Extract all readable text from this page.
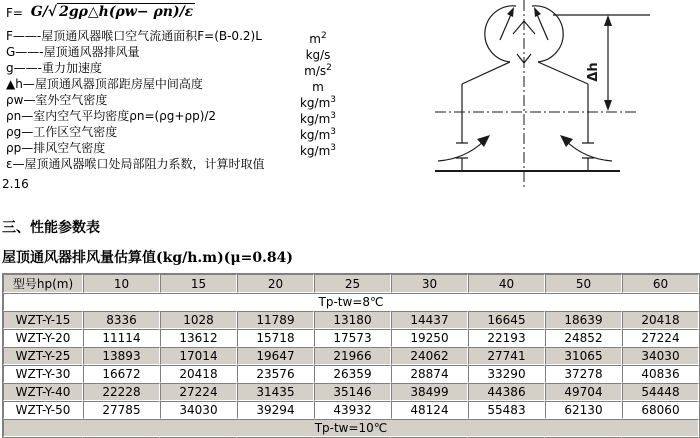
F= G/√ 2gρ△h(ρw− ρn)/ε
F——-屋顶通风器喉口空气流通面积F=(B-0.2)L	$m^2$
G——-屋顶通风器排风量	kg/s
g——-重力加速度	$m/s^2$
▲h—屋顶通风器顶部距房屋中间高度	m
ρw—室外空气密度	$kg/m^3$
ρn—室内空气平均密度ρn=(ρg+ρp)/2	$kg/m^3$
ρg—工作区空气密度	$kg/m^3$
ρp—排风空气密度	$kg/m^3$
ε—屋顶通风器喉口处局部阻力系数，计算时取值
2.16
Δh
三、性能参数表
屋顶通风器排风量估算值(kg/h.m)(μ=0.84)
型号hp(m)	10	15	20	25	30	40	50	60
Tp-tw=8℃								
WZT-Y-15	8336	1028	11789	13180	14437	16645	18639	20418
WZT-Y-20	11114	13612	15718	17573	19250	22193	24852	27224
WZT-Y-25	13893	17014	19647	21966	24062	27741	31065	34030
WZT-Y-30	16672	20418	23576	26359	28874	33290	37278	40836
WZT-Y-40	22228	27224	31435	35146	38499	44386	49704	54448
WZT-Y-50	27785	34030	39294	43932	48124	55483	62130	68060
Tp-tw=10℃								
